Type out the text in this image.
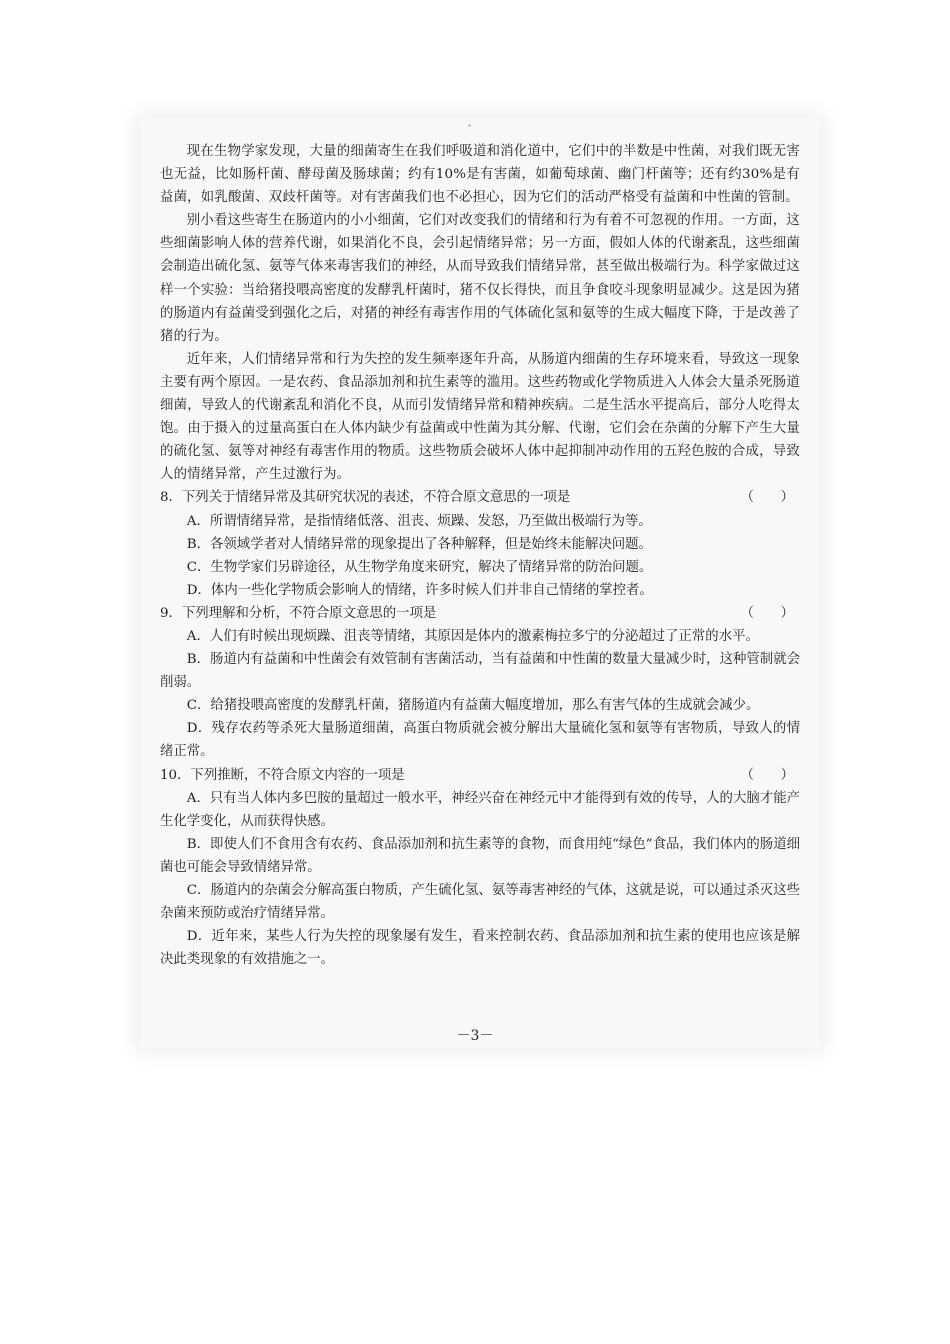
现在生物学家发现，大量的细菌寄生在我们呼吸道和消化道中，它们中的半数是中性菌，对我们既无害也无益，比如肠杆菌、酵母菌及肠球菌；约有10%是有害菌，如葡萄球菌、幽门杆菌等；还有约30%是有益菌，如乳酸菌、双歧杆菌等。对有害菌我们也不必担心，因为它们的活动严格受有益菌和中性菌的管制。

别小看这些寄生在肠道内的小小细菌，它们对改变我们的情绪和行为有着不可忽视的作用。一方面，这些细菌影响人体的营养代谢，如果消化不良，会引起情绪异常；另一方面，假如人体的代谢紊乱，这些细菌会制造出硫化氢、氨等气体来毒害我们的神经，从而导致我们情绪异常，甚至做出极端行为。科学家做过这样一个实验：当给猪投喂高密度的发酵乳杆菌时，猪不仅长得快，而且争食咬斗现象明显减少。这是因为猪的肠道内有益菌受到强化之后，对猪的神经有毒害作用的气体硫化氢和氨等的生成大幅度下降，于是改善了猪的行为。

近年来，人们情绪异常和行为失控的发生频率逐年升高，从肠道内细菌的生存环境来看，导致这一现象主要有两个原因。一是农药、食品添加剂和抗生素等的滥用。这些药物或化学物质进入人体会大量杀死肠道细菌，导致人的代谢紊乱和消化不良，从而引发情绪异常和精神疾病。二是生活水平提高后，部分人吃得太饱。由于摄入的过量高蛋白在人体内缺少有益菌或中性菌为其分解、代谢，它们会在杂菌的分解下产生大量的硫化氢、氨等对神经有毒害作用的物质。这些物质会破坏人体中起抑制冲动作用的五羟色胺的合成，导致人的情绪异常，产生过激行为。

8．下列关于情绪异常及其研究状况的表述，不符合原文意思的一项是	（　　）

A．所谓情绪异常，是指情绪低落、沮丧、烦躁、发怒，乃至做出极端行为等。

B．各领域学者对人情绪异常的现象提出了各种解释，但是始终未能解决问题。

C．生物学家们另辟途径，从生物学角度来研究，解决了情绪异常的防治问题。

D．体内一些化学物质会影响人的情绪，许多时候人们并非自己情绪的掌控者。

9．下列理解和分析，不符合原文意思的一项是	（　　）

A．人们有时候出现烦躁、沮丧等情绪，其原因是体内的激素梅拉多宁的分泌超过了正常的水平。

B．肠道内有益菌和中性菌会有效管制有害菌活动，当有益菌和中性菌的数量大量减少时，这种管制就会削弱。

C．给猪投喂高密度的发酵乳杆菌，猪肠道内有益菌大幅度增加，那么有害气体的生成就会减少。

D．残存农药等杀死大量肠道细菌，高蛋白物质就会被分解出大量硫化氢和氨等有害物质，导致人的情绪正常。

10．下列推断，不符合原文内容的一项是	（　　）

A．只有当人体内多巴胺的量超过一般水平，神经兴奋在神经元中才能得到有效的传导，人的大脑才能产生化学变化，从而获得快感。

B．即使人们不食用含有农药、食品添加剂和抗生素等的食物，而食用纯“绿色”食品，我们体内的肠道细菌也可能会导致情绪异常。

C．肠道内的杂菌会分解高蛋白物质，产生硫化氢、氨等毒害神经的气体，这就是说，可以通过杀灭这些杂菌来预防或治疗情绪异常。

D．近年来，某些人行为失控的现象屡有发生，看来控制农药、食品添加剂和抗生素的使用也应该是解决此类现象的有效措施之一。

－3－
